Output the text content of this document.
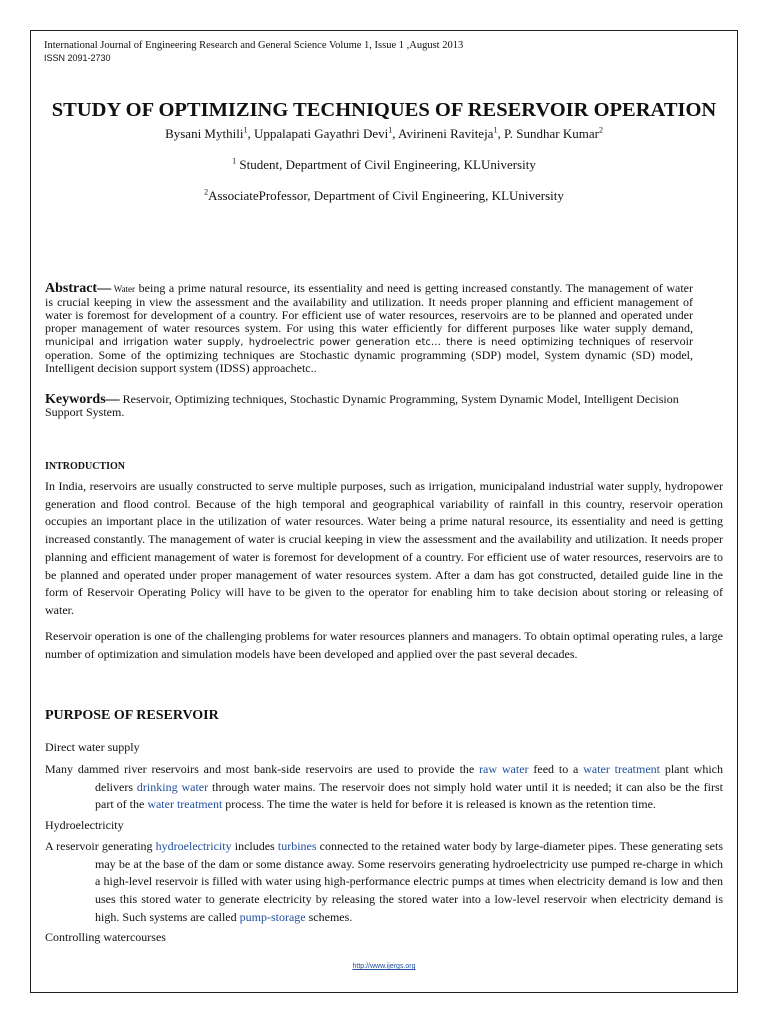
International Journal of Engineering Research and General Science Volume 1, Issue 1 ,August 2013
ISSN 2091-2730
STUDY OF OPTIMIZING TECHNIQUES OF RESERVOIR OPERATION
Bysani Mythili$^1$, Uppalapati Gayathri Devi$^1$, Avirineni Raviteja$^1$, P. Sundhar Kumar$^2$
$^1$ Student, Department of Civil Engineering, KLUniversity
$^2$AssociateProfessor, Department of Civil Engineering, KLUniversity
Abstract— Water being a prime natural resource, its essentiality and need is getting increased constantly. The management of water is crucial keeping in view the assessment and the availability and utilization. It needs proper planning and efficient management of water is foremost for development of a country. For efficient use of water resources, reservoirs are to be planned and operated under proper management of water resources system. For using this water efficiently for different purposes like water supply demand, municipal and irrigation water supply, hydroelectric power generation etc… there is need optimizing techniques of reservoir operation. Some of the optimizing techniques are Stochastic dynamic programming (SDP) model, System dynamic (SD) model, Intelligent decision support system (IDSS) approachetc..
Keywords— Reservoir, Optimizing techniques, Stochastic Dynamic Programming, System Dynamic Model, Intelligent Decision Support System.
INTRODUCTION
In India, reservoirs are usually constructed to serve multiple purposes, such as irrigation, municipaland industrial water supply, hydropower generation and flood control. Because of the high temporal and geographical variability of rainfall in this country, reservoir operation occupies an important place in the utilization of water resources. Water being a prime natural resource, its essentiality and need is getting increased constantly. The management of water is crucial keeping in view the assessment and the availability and utilization. It needs proper planning and efficient management of water is foremost for development of a country. For efficient use of water resources, reservoirs are to be planned and operated under proper management of water resources system. After a dam has got constructed, detailed guide line in the form of Reservoir Operating Policy will have to be given to the operator for enabling him to take decision about storing or releasing of water.
Reservoir operation is one of the challenging problems for water resources planners and managers. To obtain optimal operating rules, a large number of optimization and simulation models have been developed and applied over the past several decades.
PURPOSE OF RESERVOIR
Direct water supply
Many dammed river reservoirs and most bank-side reservoirs are used to provide the raw water feed to a water treatment plant which delivers drinking water through water mains. The reservoir does not simply hold water until it is needed; it can also be the first part of the water treatment process. The time the water is held for before it is released is known as the retention time.
Hydroelectricity
A reservoir generating hydroelectricity includes turbines connected to the retained water body by large-diameter pipes. These generating sets may be at the base of the dam or some distance away. Some reservoirs generating hydroelectricity use pumped re-charge in which a high-level reservoir is filled with water using high-performance electric pumps at times when electricity demand is low and then uses this stored water to generate electricity by releasing the stored water into a low-level reservoir when electricity demand is high. Such systems are called pump-storage schemes.
Controlling watercourses
http://www.ijergs.org
